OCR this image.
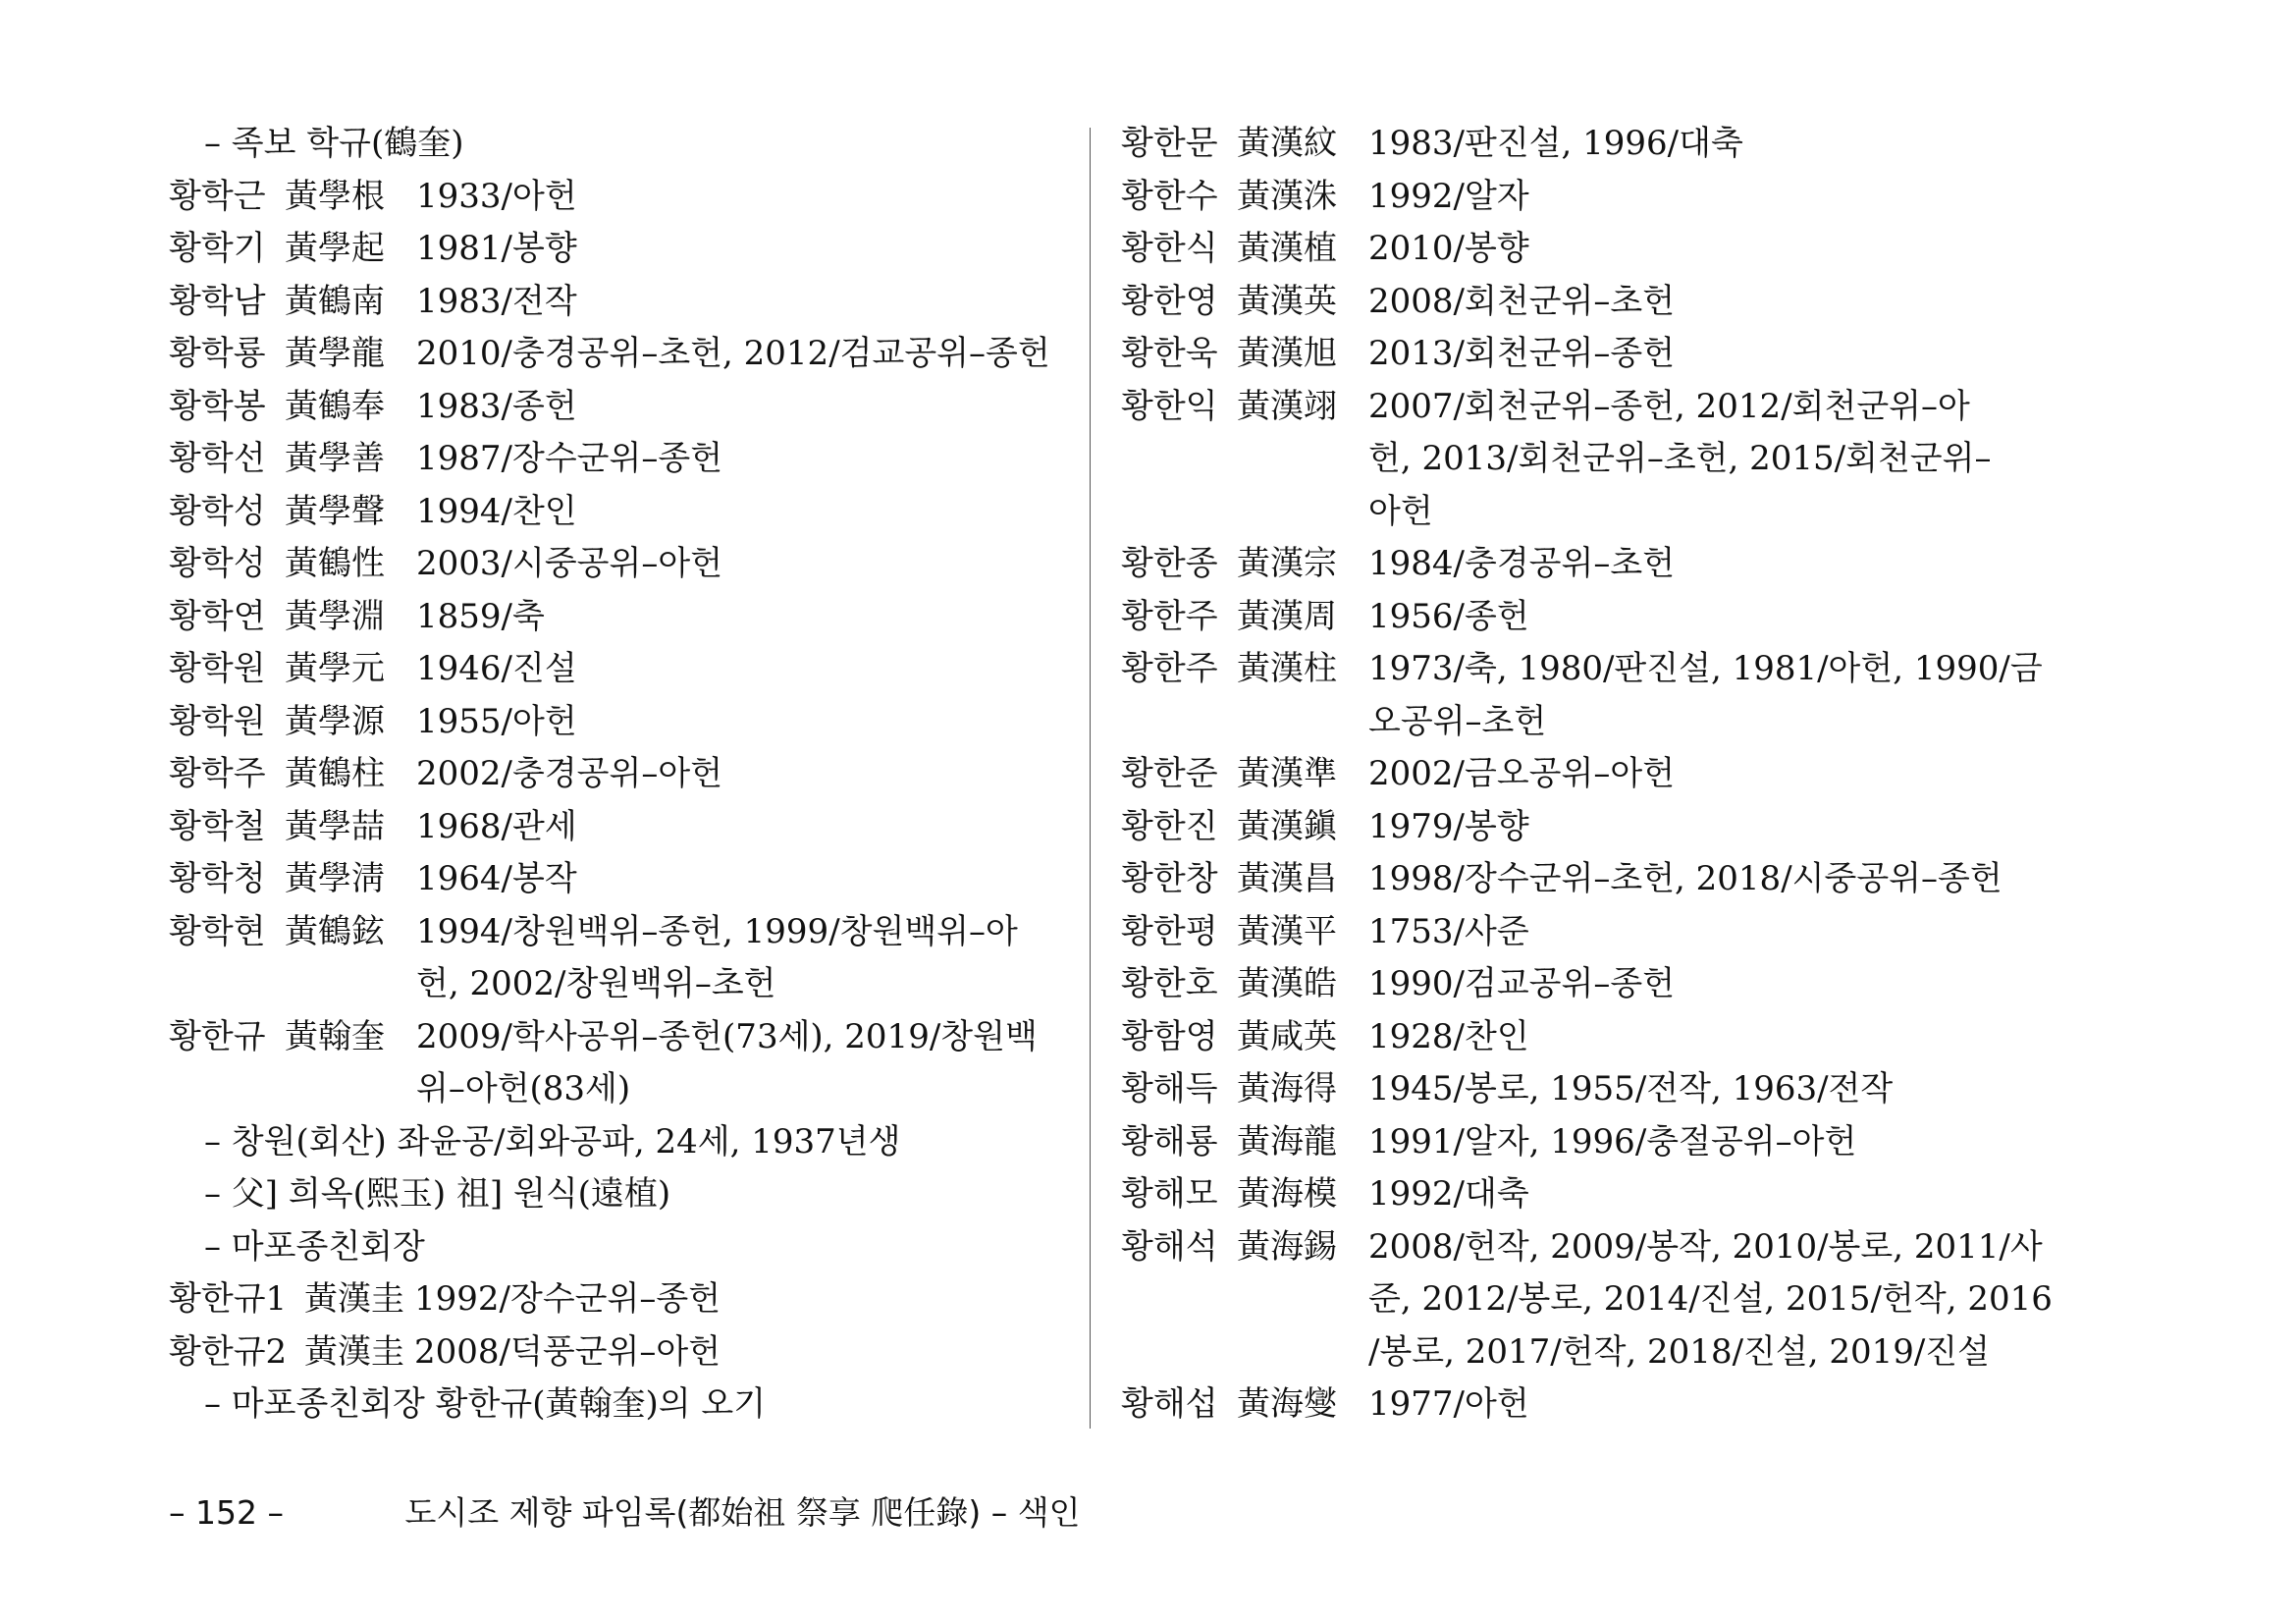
– 족보 학규(鶴奎)
황학근 黃學根 1933/아헌
황학기 黃學起 1981/봉향
황학남 黃鶴南 1983/전작
황학룡 黃學龍 2010/충경공위–초헌, 2012/검교공위–종헌
황학봉 黃鶴奉 1983/종헌
황학선 黃學善 1987/장수군위–종헌
황학성 黃學聲 1994/찬인
황학성 黃鶴性 2003/시중공위–아헌
황학연 黃學淵 1859/축
황학원 黃學元 1946/진설
황학원 黃學源 1955/아헌
황학주 黃鶴柱 2002/충경공위–아헌
황학철 黃學喆 1968/관세
황학청 黃學淸 1964/봉작
황학현 黃鶴鉉 1994/창원백위–종헌, 1999/창원백위–아
헌, 2002/창원백위–초헌
황한규 黃翰奎 2009/학사공위–종헌(73세), 2019/창원백
위–아헌(83세)
– 창원(회산) 좌윤공/회와공파, 24세, 1937년생
– 父] 희옥(熙玉) 祖] 원식(遠植)
– 마포종친회장
황한규1 黃漢圭 1992/장수군위–종헌
황한규2 黃漢圭 2008/덕풍군위–아헌
– 마포종친회장 황한규(黃翰奎)의 오기
황한문 黃漢紋 1983/판진설, 1996/대축
황한수 黃漢洙 1992/알자
황한식 黃漢植 2010/봉향
황한영 黃漢英 2008/회천군위–초헌
황한욱 黃漢旭 2013/회천군위–종헌
황한익 黃漢翊 2007/회천군위–종헌, 2012/회천군위–아
헌, 2013/회천군위–초헌, 2015/회천군위–
아헌
황한종 黃漢宗 1984/충경공위–초헌
황한주 黃漢周 1956/종헌
황한주 黃漢柱 1973/축, 1980/판진설, 1981/아헌, 1990/금
오공위–초헌
황한준 黃漢準 2002/금오공위–아헌
황한진 黃漢鎭 1979/봉향
황한창 黃漢昌 1998/장수군위–초헌, 2018/시중공위–종헌
황한평 黃漢平 1753/사준
황한호 黃漢皓 1990/검교공위–종헌
황함영 黃咸英 1928/찬인
황해득 黃海得 1945/봉로, 1955/전작, 1963/전작
황해룡 黃海龍 1991/알자, 1996/충절공위–아헌
황해모 黃海模 1992/대축
황해석 黃海錫 2008/헌작, 2009/봉작, 2010/봉로, 2011/사
준, 2012/봉로, 2014/진설, 2015/헌작, 2016
/봉로, 2017/헌작, 2018/진설, 2019/진설
황해섭 黃海燮 1977/아헌
– 152 –	도시조 제향 파임록(都始祖 祭享 爬任錄) – 색인
